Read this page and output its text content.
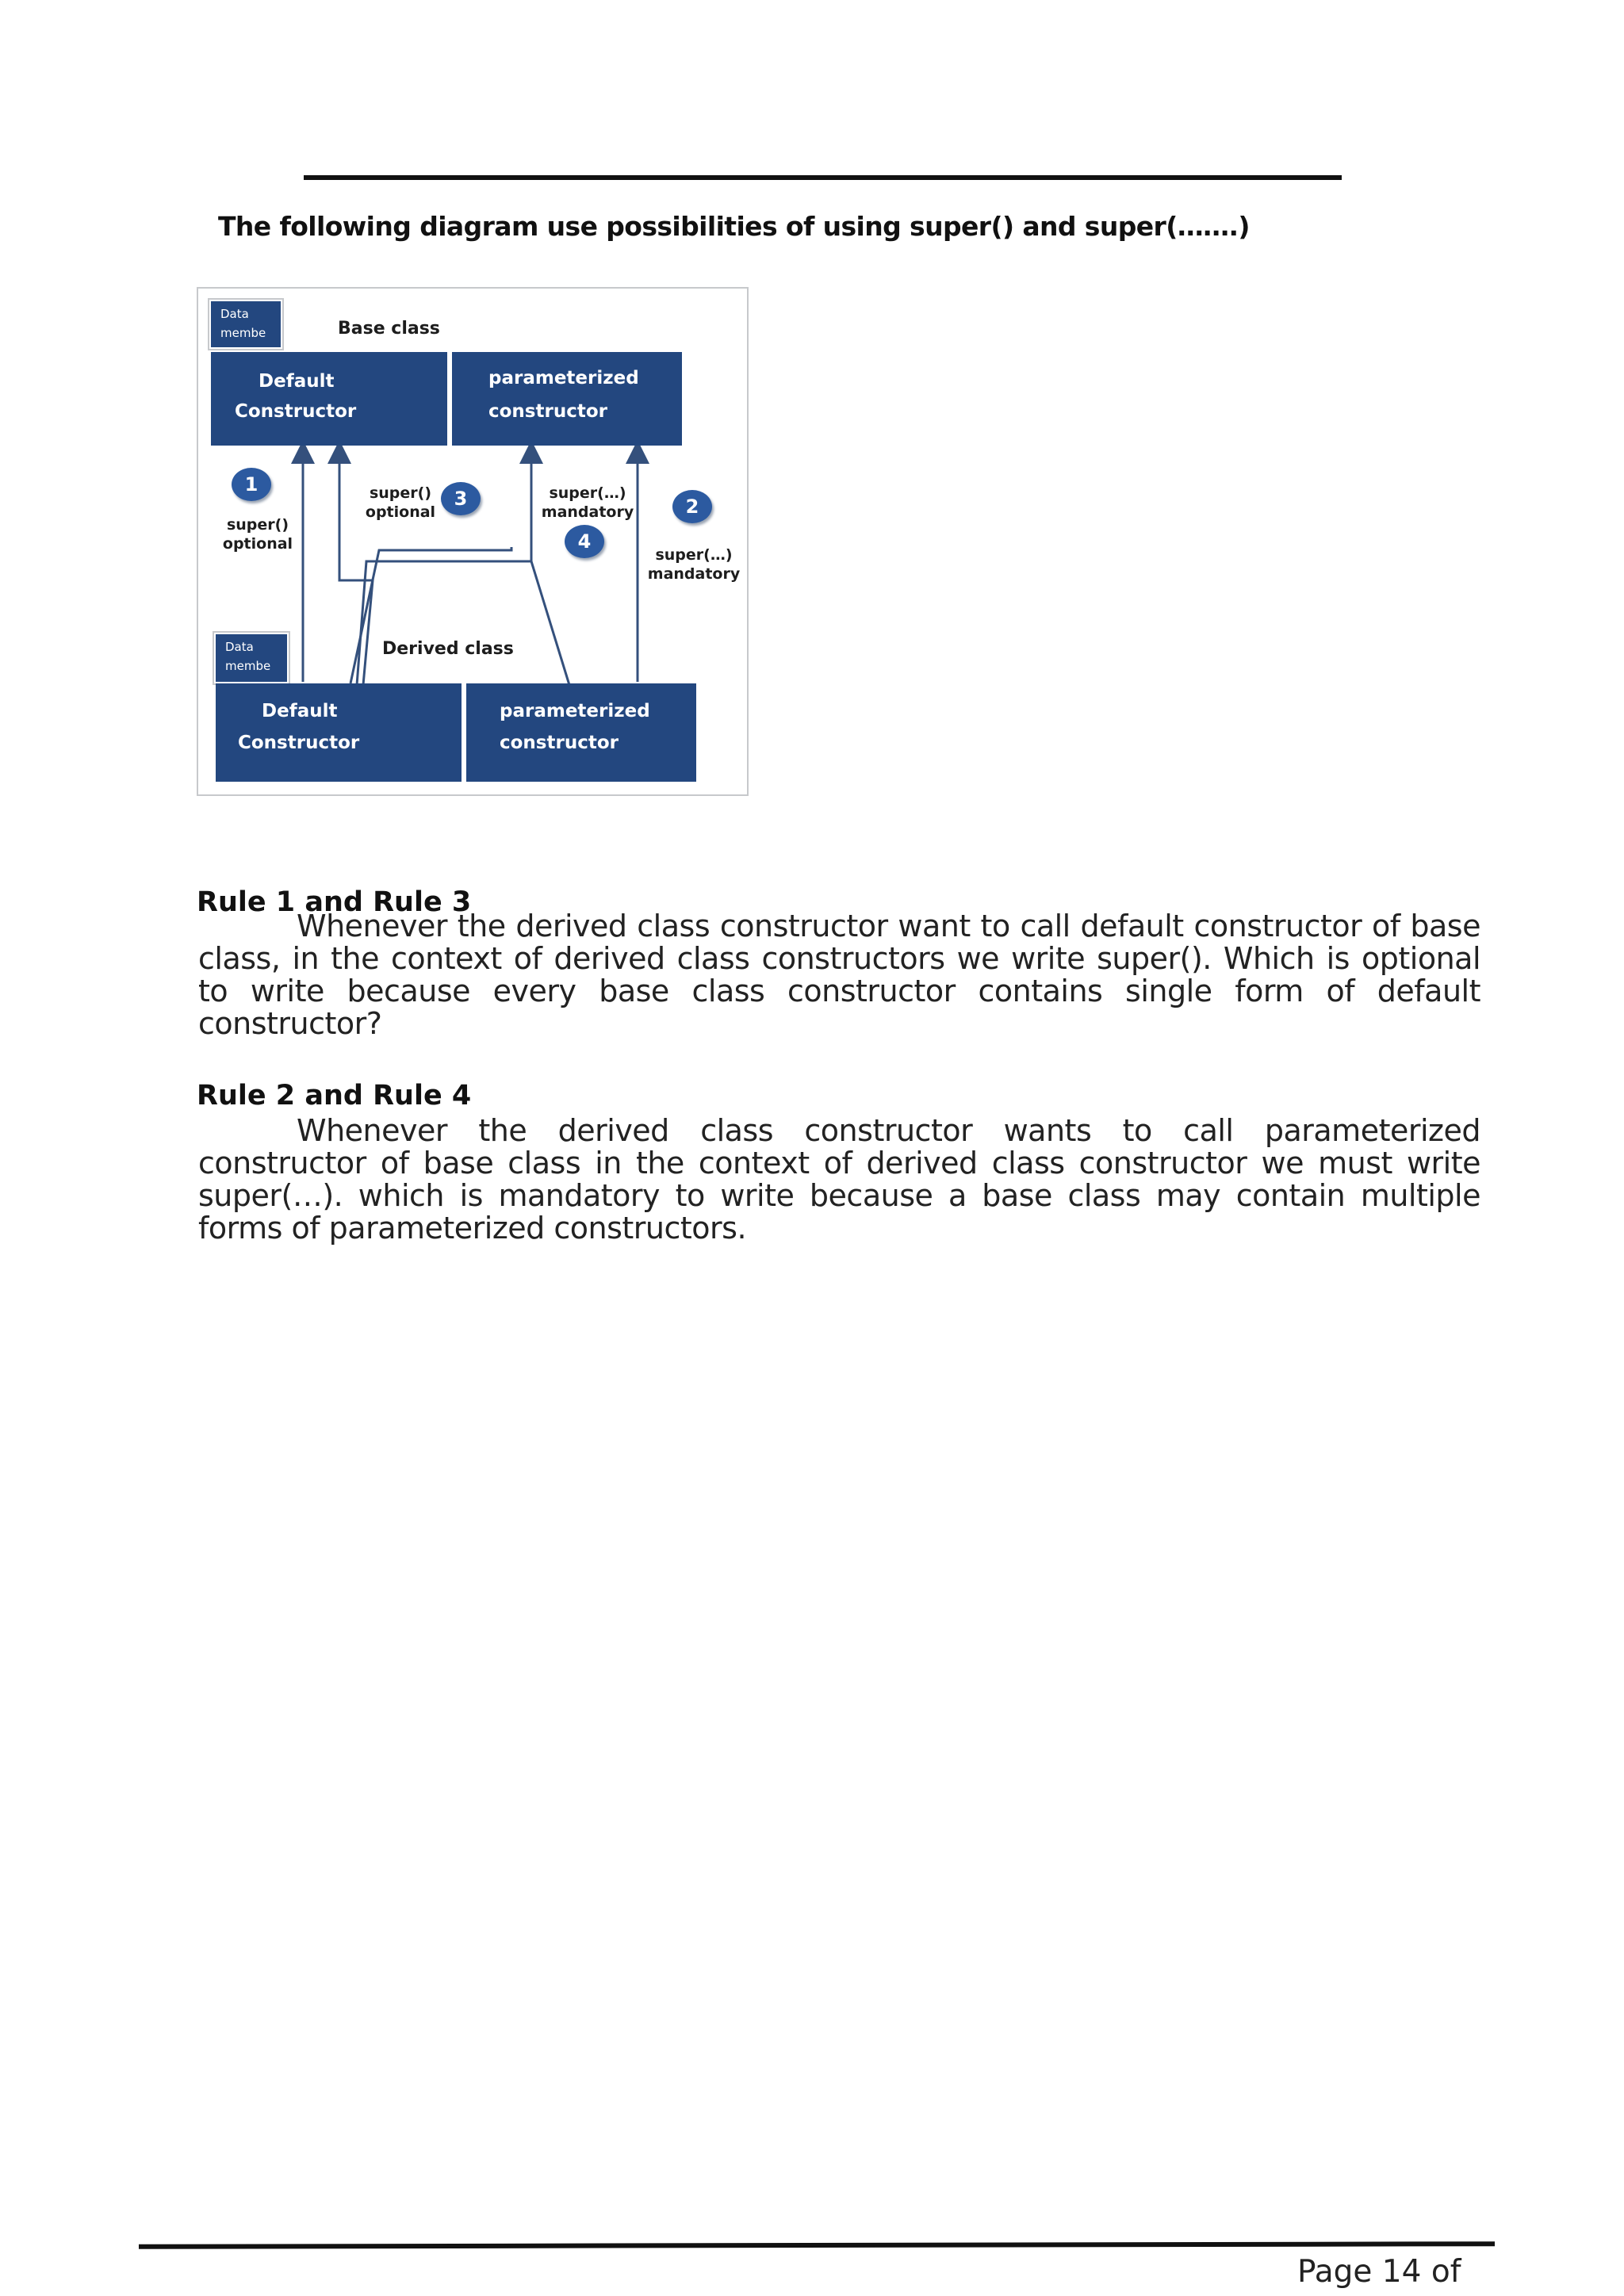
The following diagram use possibilities of using super() and super(…….)
Data
membe	Base class
Default
Constructor
parameterized
constructor
1
super()
optional
super()
optional
3	super(…)
mandatory
4
2
super(…)
mandatory
Data
membe
Derived class
Default
Constructor
parameterized
constructor
Rule 1 and Rule 3
Whenever the derived class constructor want to call default constructor of base class, in the context of derived class constructors we write super(). Which is optional to write because every base class constructor contains single form of default constructor?
Rule 2 and Rule 4
Whenever the derived class constructor wants to call parameterized constructor of base class in the context of derived class constructor we must write super(…). which is mandatory to write because a base class may contain multiple forms of parameterized constructors.
Page 14 of
